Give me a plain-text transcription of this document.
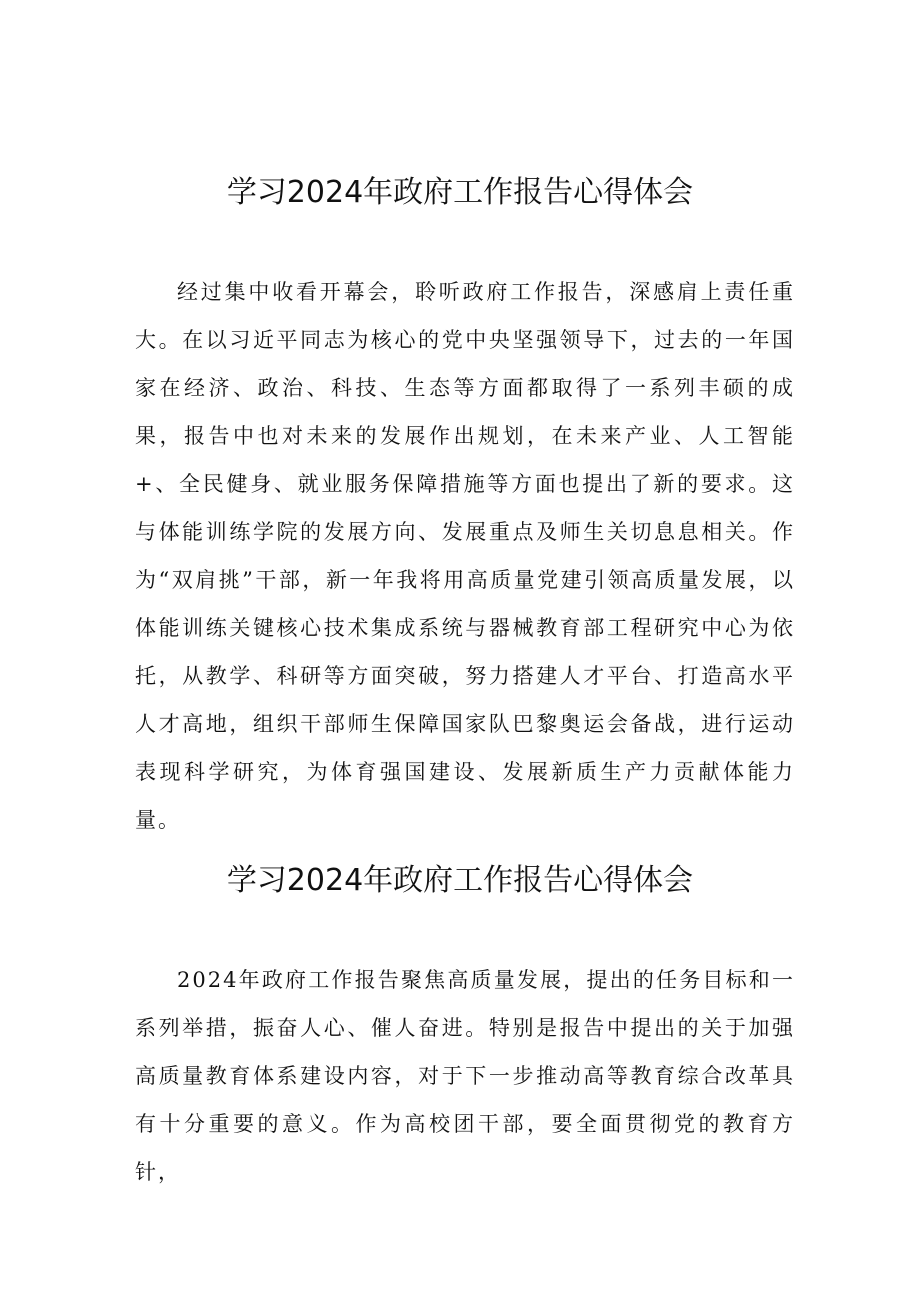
学习2024年政府工作报告心得体会

经过集中收看开幕会，聆听政府工作报告，深感肩上责任重大。在以习近平同志为核心的党中央坚强领导下，过去的一年国家在经济、政治、科技、生态等方面都取得了一系列丰硕的成果，报告中也对未来的发展作出规划，在未来产业、人工智能+、全民健身、就业服务保障措施等方面也提出了新的要求。这与体能训练学院的发展方向、发展重点及师生关切息息相关。作为“双肩挑”干部，新一年我将用高质量党建引领高质量发展，以体能训练关键核心技术集成系统与器械教育部工程研究中心为依托，从教学、科研等方面突破，努力搭建人才平台、打造高水平人才高地，组织干部师生保障国家队巴黎奥运会备战，进行运动表现科学研究，为体育强国建设、发展新质生产力贡献体能力量。

学习2024年政府工作报告心得体会

2024年政府工作报告聚焦高质量发展，提出的任务目标和一系列举措，振奋人心、催人奋进。特别是报告中提出的关于加强高质量教育体系建设内容，对于下一步推动高等教育综合改革具有十分重要的意义。作为高校团干部，要全面贯彻党的教育方针，
